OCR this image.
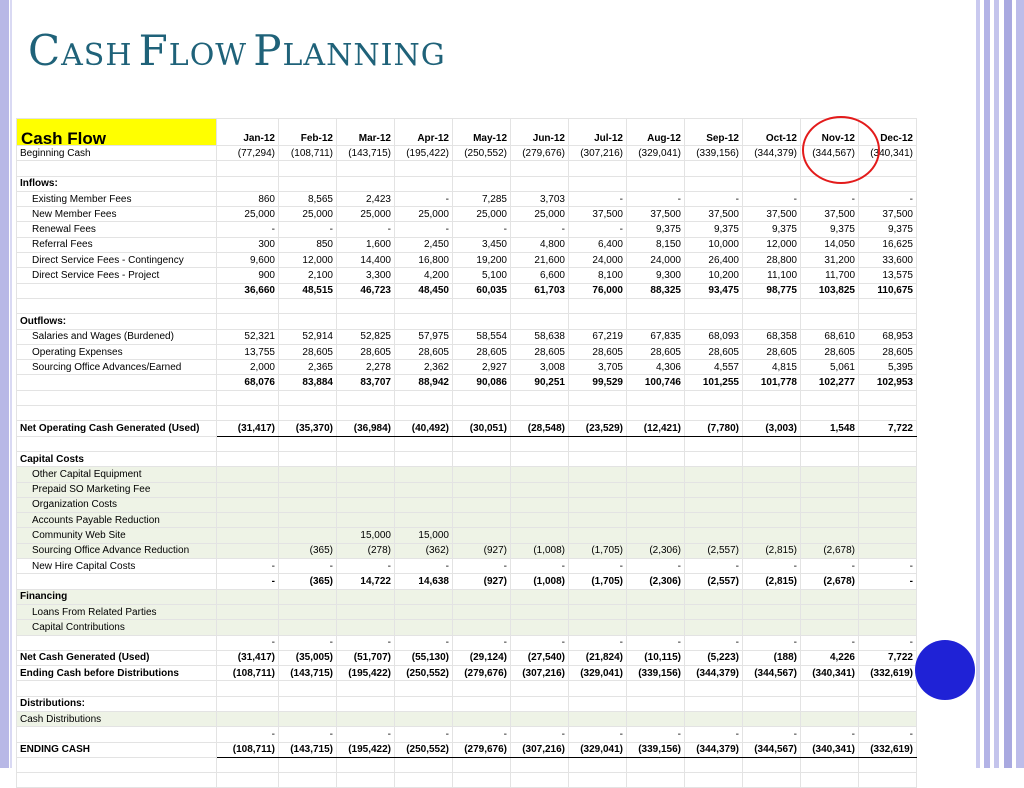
CASH FLOW PLANNING
Cash Flow	Jan-12	Feb-12	Mar-12	Apr-12	May-12	Jun-12	Jul-12	Aug-12	Sep-12	Oct-12	Nov-12	Dec-12
Beginning Cash	(77,294)	(108,711)	(143,715)	(195,422)	(250,552)	(279,676)	(307,216)	(329,041)	(339,156)	(344,379)	(344,567)	(340,341)

Inflows:												
Existing Member Fees	860	8,565	2,423	-	7,285	3,703	-	-	-	-	-	-
New Member Fees	25,000	25,000	25,000	25,000	25,000	25,000	37,500	37,500	37,500	37,500	37,500	37,500
Renewal Fees	-	-	-	-	-	-	-	9,375	9,375	9,375	9,375	9,375
Referral Fees	300	850	1,600	2,450	3,450	4,800	6,400	8,150	10,000	12,000	14,050	16,625
Direct Service Fees - Contingency	9,600	12,000	14,400	16,800	19,200	21,600	24,000	24,000	26,400	28,800	31,200	33,600
Direct Service Fees - Project	900	2,100	3,300	4,200	5,100	6,600	8,100	9,300	10,200	11,100	11,700	13,575
	36,660	48,515	46,723	48,450	60,035	61,703	76,000	88,325	93,475	98,775	103,825	110,675

Outflows:												
Salaries and Wages (Burdened)	52,321	52,914	52,825	57,975	58,554	58,638	67,219	67,835	68,093	68,358	68,610	68,953
Operating Expenses	13,755	28,605	28,605	28,605	28,605	28,605	28,605	28,605	28,605	28,605	28,605	28,605
Sourcing Office Advances/Earned	2,000	2,365	2,278	2,362	2,927	3,008	3,705	4,306	4,557	4,815	5,061	5,395
	68,076	83,884	83,707	88,942	90,086	90,251	99,529	100,746	101,255	101,778	102,277	102,953

Net Operating Cash Generated (Used)	(31,417)	(35,370)	(36,984)	(40,492)	(30,051)	(28,548)	(23,529)	(12,421)	(7,780)	(3,003)	1,548	7,722

Capital Costs												
Other Capital Equipment												
Prepaid SO Marketing Fee												
Organization Costs												
Accounts Payable Reduction												
Community Web Site			15,000	15,000								
Sourcing Office Advance Reduction		(365)	(278)	(362)	(927)	(1,008)	(1,705)	(2,306)	(2,557)	(2,815)	(2,678)	
New Hire Capital Costs	-	-	-	-	-	-	-	-	-	-	-	-
	-	(365)	14,722	14,638	(927)	(1,008)	(1,705)	(2,306)	(2,557)	(2,815)	(2,678)	-
Financing												
Loans From Related Parties												
Capital Contributions												
	-	-	-	-	-	-	-	-	-	-	-	-
Net Cash Generated (Used)	(31,417)	(35,005)	(51,707)	(55,130)	(29,124)	(27,540)	(21,824)	(10,115)	(5,223)	(188)	4,226	7,722
Ending Cash before Distributions	(108,711)	(143,715)	(195,422)	(250,552)	(279,676)	(307,216)	(329,041)	(339,156)	(344,379)	(344,567)	(340,341)	(332,619)

Distributions:												
Cash Distributions												
	-	-	-	-	-	-	-	-	-	-	-	-
ENDING CASH	(108,711)	(143,715)	(195,422)	(250,552)	(279,676)	(307,216)	(329,041)	(339,156)	(344,379)	(344,567)	(340,341)	(332,619)
